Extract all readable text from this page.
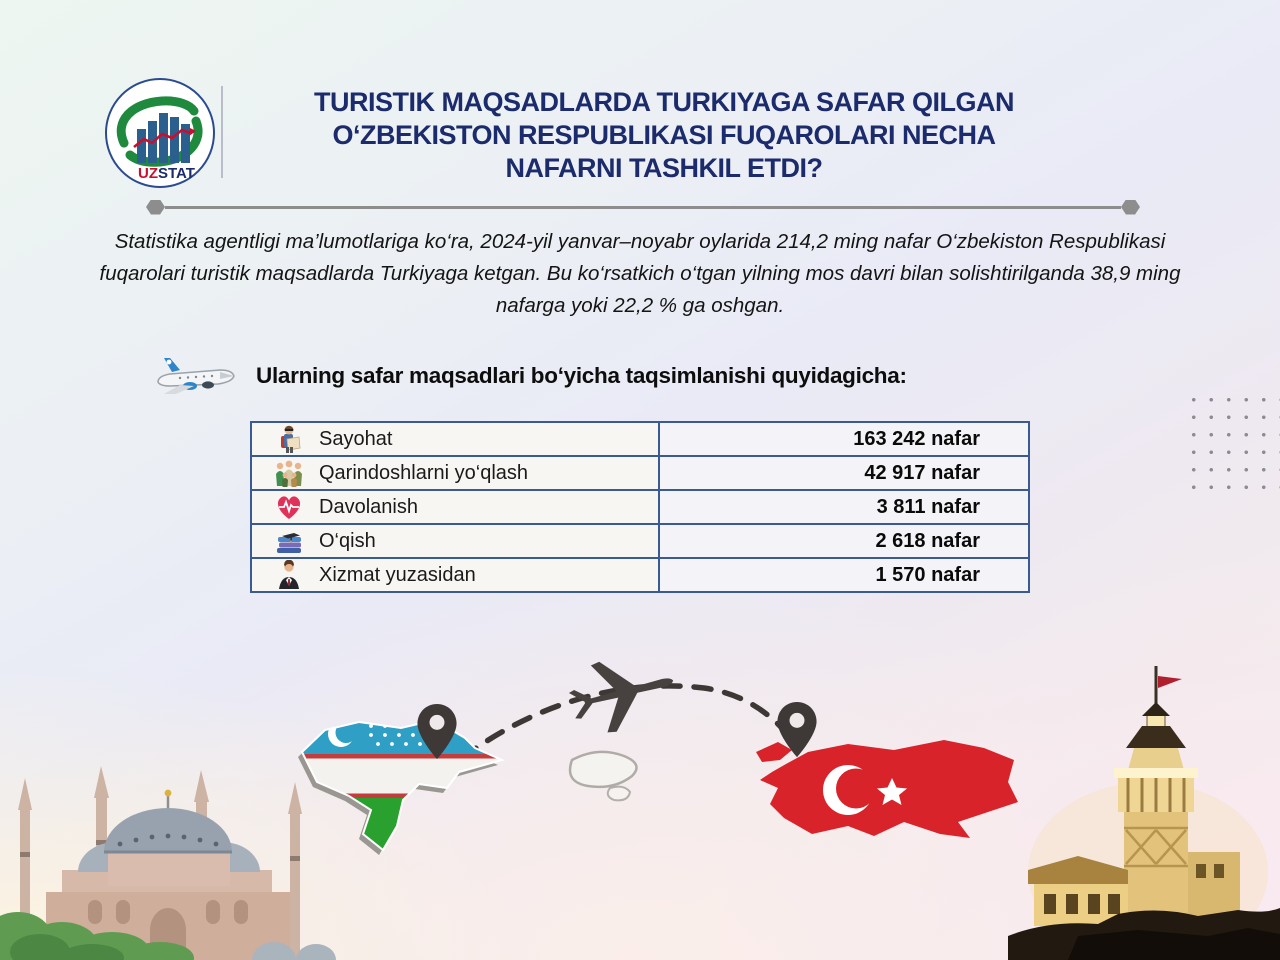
UZ STAT
TURISTIK MAQSADLARDA TURKIYAGA SAFAR QILGAN
O‘ZBEKISTON RESPUBLIKASI FUQAROLARI NECHA
NAFARNI TASHKIL ETDI?
Statistika agentligi ma’lumotlariga ko‘ra, 2024-yil yanvar–noyabr oylarida 214,2 ming nafar O‘zbekiston Respublikasi fuqarolari turistik maqsadlarda Turkiyaga ketgan. Bu ko‘rsatkich o‘tgan yilning mos davri bilan solishtirilganda 38,9 ming nafarga yoki 22,2 % ga oshgan.
Ularning safar maqsadlari bo‘yicha taqsimlanishi quyidagicha:
Sayohat	163 242 nafar
Qarindoshlarni yo‘qlash	42 917 nafar
Davolanish	3 811 nafar
O‘qish	2 618 nafar
Xizmat yuzasidan	1 570 nafar
